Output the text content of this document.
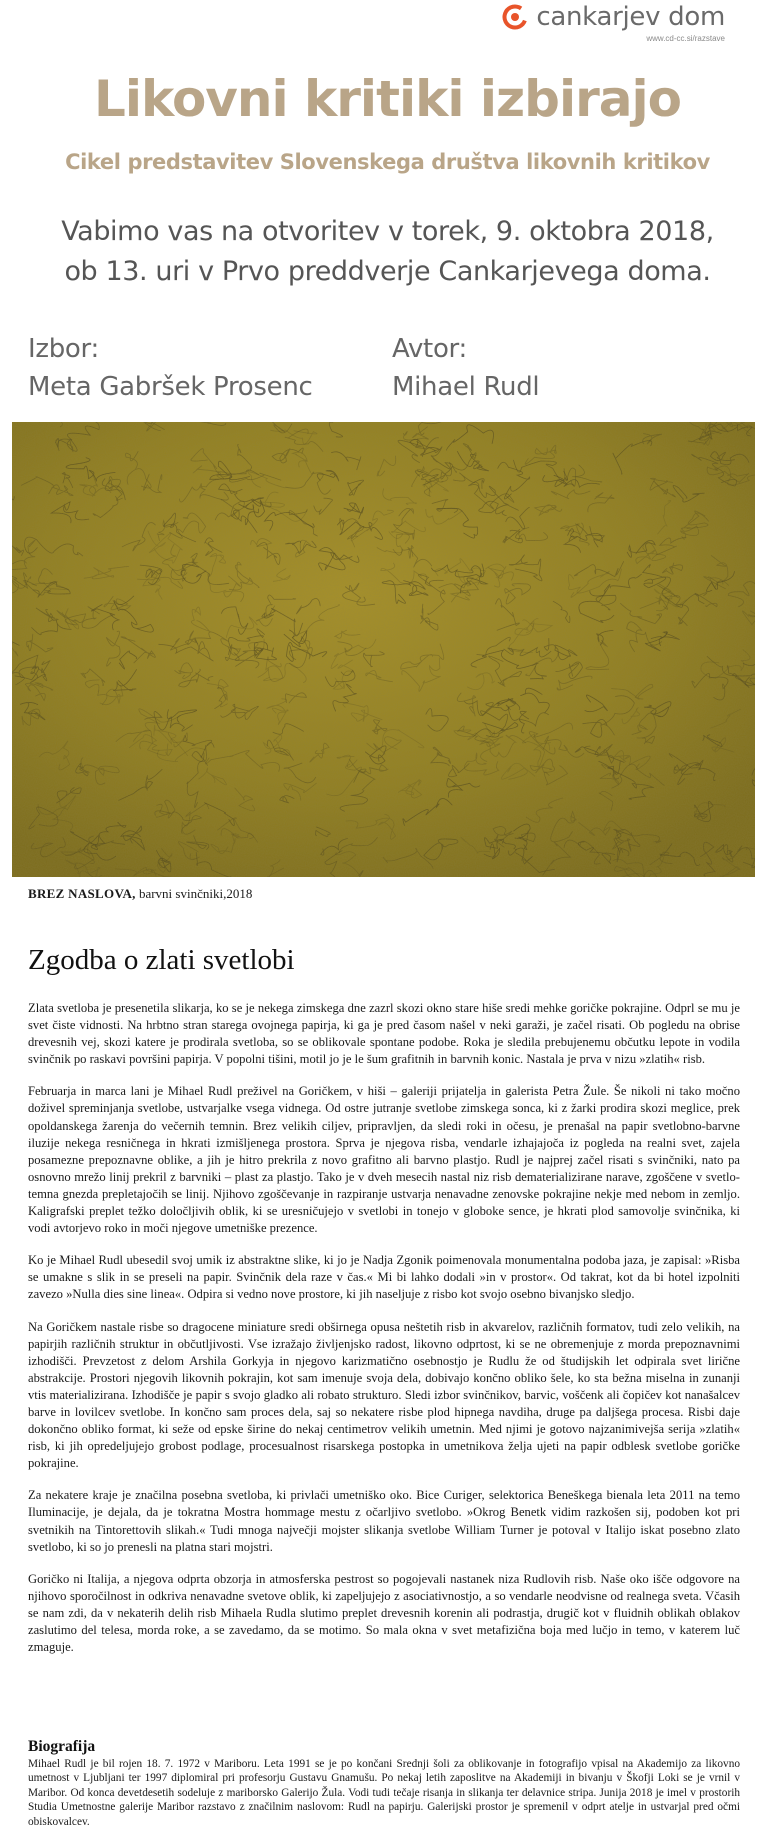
cankarjev dom
www.cd-cc.si/razstave
Likovni kritiki izbirajo
Cikel predstavitev Slovenskega društva likovnih kritikov
Vabimo vas na otvoritev v torek, 9. oktobra 2018,
ob 13. uri v Prvo preddverje Cankarjevega doma.
Izbor:
Meta Gabršek Prosenc
Avtor:
Mihael Rudl
BREZ NASLOVA, barvni svinčniki,2018
Zgodba o zlati svetlobi

Zlata svetloba je presenetila slikarja, ko se je nekega zimskega dne zazrl skozi okno stare hiše sredi mehke goričke pokrajine. Odprl se mu je svet čiste vidnosti. Na hrbtno stran starega ovojnega papirja, ki ga je pred časom našel v neki garaži, je začel risati. Ob pogledu na obrise drevesnih vej, skozi katere je prodirala svetloba, so se oblikovale spontane podobe. Roka je sledila prebujenemu občutku lepote in vodila svinčnik po raskavi površini papirja. V popolni tišini, motil jo je le šum grafitnih in barvnih konic. Nastala je prva v nizu »zlatih« risb.

Februarja in marca lani je Mihael Rudl preživel na Goričkem, v hiši – galeriji prijatelja in galerista Petra Žule. Še nikoli ni tako močno doživel spreminjanja svetlobe, ustvarjalke vsega vidnega. Od ostre jutranje svetlobe zimskega sonca, ki z žarki prodira skozi meglice, prek opoldanskega žarenja do večernih temnin. Brez velikih ciljev, pripravljen, da sledi roki in očesu, je prenašal na papir svetlobno-barvne iluzije nekega resničnega in hkrati izmišljenega prostora. Sprva je njegova risba, vendarle izhajajoča iz pogleda na realni svet, zajela posamezne prepoznavne oblike, a jih je hitro prekrila z novo grafitno ali barvno plastjo. Rudl je najprej začel risati s svinčniki, nato pa osnovno mrežo linij prekril z barvniki – plast za plastjo. Tako je v dveh mesecih nastal niz risb dematerializirane narave, zgoščene v svetlo-temna gnezda prepletajočih se linij. Njihovo zgoščevanje in razpiranje ustvarja nenavadne zenovske pokrajine nekje med nebom in zemljo. Kaligrafski preplet težko določljivih oblik, ki se uresničujejo v svetlobi in tonejo v globoke sence, je hkrati plod samovolje svinčnika, ki vodi avtorjevo roko in moči njegove umetniške prezence.

Ko je Mihael Rudl ubesedil svoj umik iz abstraktne slike, ki jo je Nadja Zgonik poimenovala monumentalna podoba jaza, je zapisal: »Risba se umakne s slik in se preseli na papir. Svinčnik dela raze v čas.« Mi bi lahko dodali »in v prostor«. Od takrat, kot da bi hotel izpolniti zavezo »Nulla dies sine linea«. Odpira si vedno nove prostore, ki jih naseljuje z risbo kot svojo osebno bivanjsko sledjo.

Na Goričkem nastale risbe so dragocene miniature sredi obširnega opusa neštetih risb in akvarelov, različnih formatov, tudi zelo velikih, na papirjih različnih struktur in občutljivosti. Vse izražajo življenjsko radost, likovno odprtost, ki se ne obremenjuje z morda prepoznavnimi izhodišči. Prevzetost z delom Arshila Gorkyja in njegovo karizmatično osebnostjo je Rudlu že od študijskih let odpirala svet lirične abstrakcije. Prostori njegovih likovnih pokrajin, kot sam imenuje svoja dela, dobivajo končno obliko šele, ko sta bežna miselna in zunanji vtis materializirana. Izhodišče je papir s svojo gladko ali robato strukturo. Sledi izbor svinčnikov, barvic, voščenk ali čopičev kot nanašalcev barve in lovilcev svetlobe. In končno sam proces dela, saj so nekatere risbe plod hipnega navdiha, druge pa daljšega procesa. Risbi daje dokončno obliko format, ki seže od epske širine do nekaj centimetrov velikih umetnin. Med njimi je gotovo najzanimivejša serija »zlatih« risb, ki jih opredeljujejo grobost podlage, procesualnost risarskega postopka in umetnikova želja ujeti na papir odblesk svetlobe goričke pokrajine.

Za nekatere kraje je značilna posebna svetloba, ki privlači umetniško oko. Bice Curiger, selektorica Beneškega bienala leta 2011 na temo Iluminacije, je dejala, da je tokratna Mostra hommage mestu z očarljivo svetlobo. »Okrog Benetk vidim razkošen sij, podoben kot pri svetnikih na Tintorettovih slikah.« Tudi mnoga največji mojster slikanja svetlobe William Turner je potoval v Italijo iskat posebno zlato svetlobo, ki so jo prenesli na platna stari mojstri.

Goričko ni Italija, a njegova odprta obzorja in atmosferska pestrost so pogojevali nastanek niza Rudlovih risb. Naše oko išče odgovore na njihovo sporočilnost in odkriva nenavadne svetove oblik, ki zapeljujejo z asociativnostjo, a so vendarle neodvisne od realnega sveta. Včasih se nam zdi, da v nekaterih delih risb Mihaela Rudla slutimo preplet drevesnih korenin ali podrastja, drugič kot v fluidnih oblikah oblakov zaslutimo del telesa, morda roke, a se zavedamo, da se motimo. So mala okna v svet metafizična boja med lučjo in temo, v katerem luč zmaguje.

Biografija
Mihael Rudl je bil rojen 18. 7. 1972 v Mariboru. Leta 1991 se je po končani Srednji šoli za oblikovanje in fotografijo vpisal na Akademijo za likovno umetnost v Ljubljani ter 1997 diplomiral pri profesorju Gustavu Gnamušu. Po nekaj letih zaposlitve na Akademiji in bivanju v Škofji Loki se je vrnil v Maribor. Od konca devetdesetih sodeluje z mariborsko Galerijo Žula. Vodi tudi tečaje risanja in slikanja ter delavnice stripa. Junija 2018 je imel v prostorih Studia Umetnostne galerije Maribor razstavo z značilnim naslovom: Rudl na papirju. Galerijski prostor je spremenil v odprt atelje in ustvarjal pred očmi obiskovalcev.
